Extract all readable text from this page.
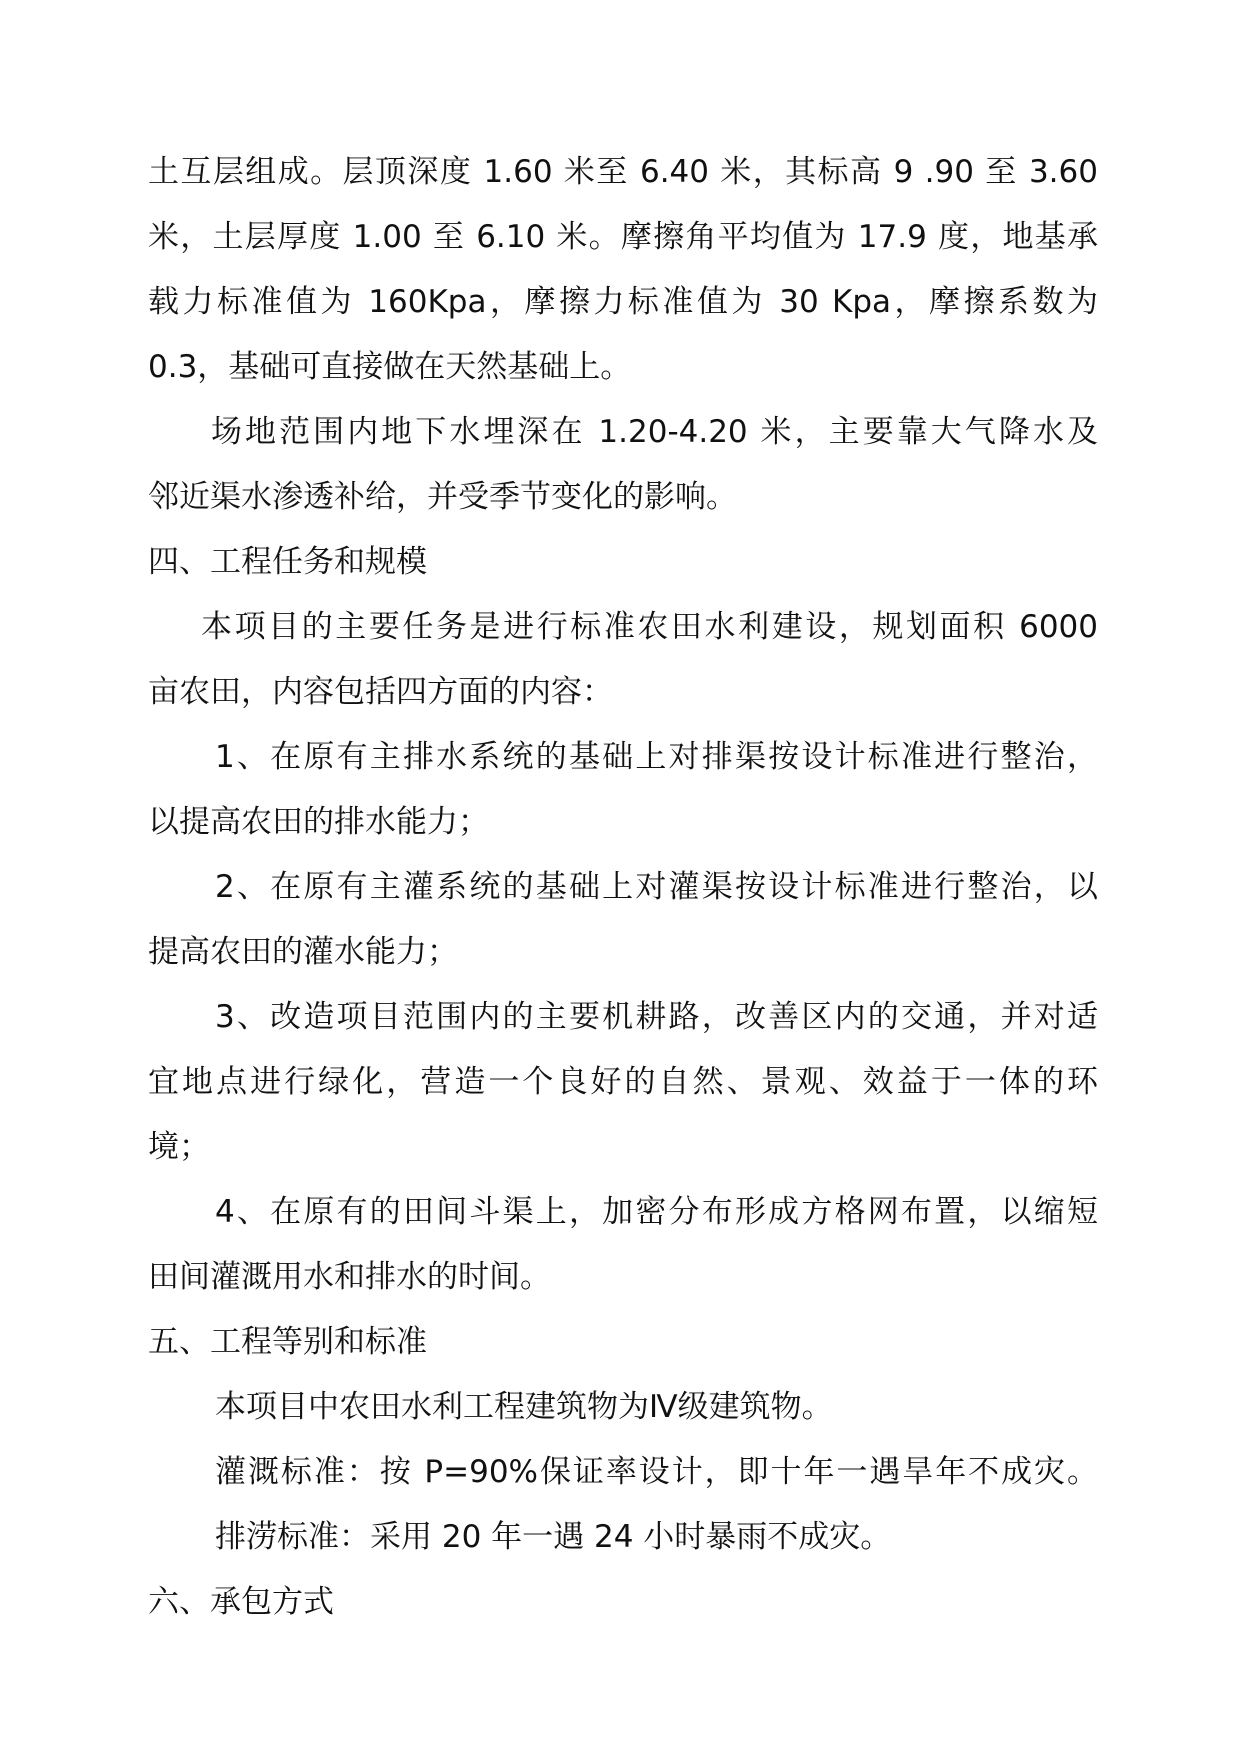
土互层组成。层顶深度 1.60 米至 6.40 米，其标高 9 .90 至 3.60
米，土层厚度 1.00 至 6.10 米。摩擦角平均值为 17.9 度，地基承
载力标准值为 160Kpa，摩擦力标准值为 30 Kpa，摩擦系数为
0.3，基础可直接做在天然基础上。
场地范围内地下水埋深在 1.20-4.20 米，主要靠大气降水及
邻近渠水渗透补给，并受季节变化的影响。
四、工程任务和规模
本项目的主要任务是进行标准农田水利建设，规划面积 6000
亩农田，内容包括四方面的内容：
1、在原有主排水系统的基础上对排渠按设计标准进行整治，
以提高农田的排水能力；
2、在原有主灌系统的基础上对灌渠按设计标准进行整治，以
提高农田的灌水能力；
3、改造项目范围内的主要机耕路，改善区内的交通，并对适
宜地点进行绿化，营造一个良好的自然、景观、效益于一体的环
境；
4、在原有的田间斗渠上，加密分布形成方格网布置，以缩短
田间灌溉用水和排水的时间。
五、工程等别和标准
本项目中农田水利工程建筑物为Ⅳ级建筑物。
灌溉标准：按 P=90%保证率设计，即十年一遇旱年不成灾。
排涝标准：采用 20 年一遇 24 小时暴雨不成灾。
六、承包方式
